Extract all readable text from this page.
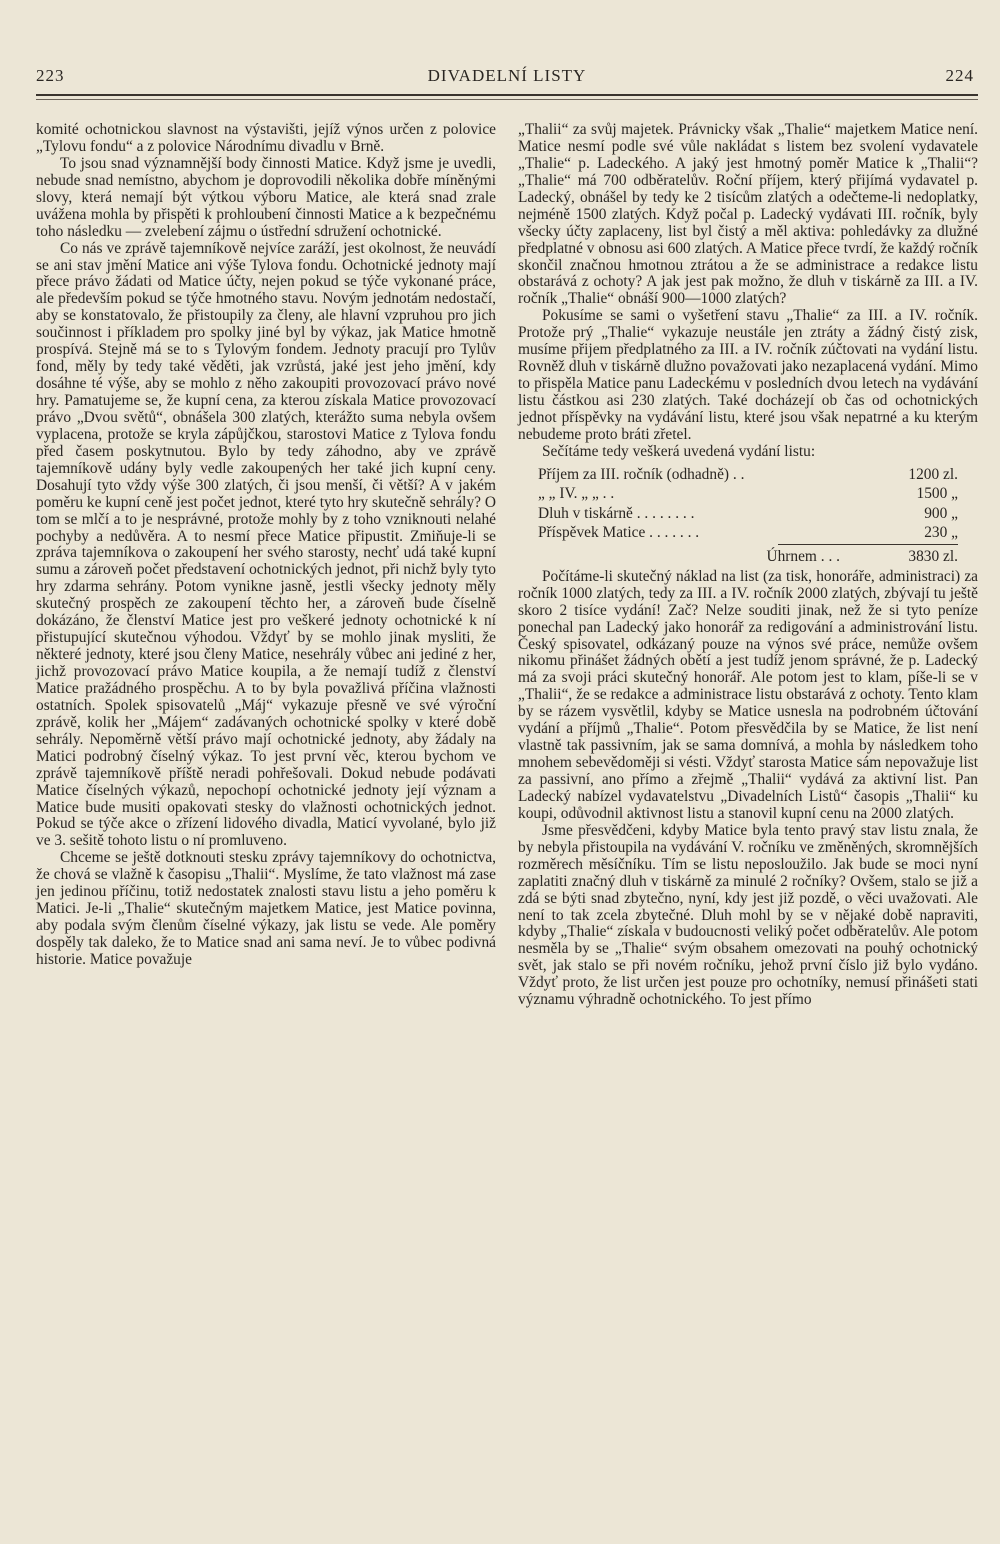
223	DIVADELNÍ LISTY	224

komité ochotnickou slavnost na výstavišti, jejíž výnos určen z polovice „Tylovu fondu“ a z polovice Národnímu divadlu v Brně.

To jsou snad významnější body činnosti Matice. Když jsme je uvedli, nebude snad nemístno, abychom je doprovodili několika dobře míněnými slovy, která nemají být výtkou výboru Matice, ale která snad zrale uvážena mohla by přispěti k prohloubení činnosti Matice a k bezpečnému toho následku — zvelebení zájmu o ústřední sdružení ochotnické.

Co nás ve zprávě tajemníkově nejvíce zaráží, jest okolnost, že neuvádí se ani stav jmění Matice ani výše Tylova fondu. Ochotnické jednoty mají přece právo žádati od Matice účty, nejen pokud se týče vykonané práce, ale především pokud se týče hmotného stavu. Novým jednotám nedostačí, aby se konstatovalo, že přistoupily za členy, ale hlavní vzpruhou pro jich součinnost i příkladem pro spolky jiné byl by výkaz, jak Matice hmotně prospívá. Stejně má se to s Tylovým fondem. Jednoty pracují pro Tylův fond, měly by tedy také věděti, jak vzrůstá, jaké jest jeho jmění, kdy dosáhne té výše, aby se mohlo z něho zakoupiti provozovací právo nové hry. Pamatujeme se, že kupní cena, za kterou získala Matice provozovací právo „Dvou světů“, obnášela 300 zlatých, kterážto suma nebyla ovšem vyplacena, protože se kryla zápůjčkou, starostovi Matice z Tylova fondu před časem poskytnutou. Bylo by tedy záhodno, aby ve zprávě tajemníkově udány byly vedle zakoupených her také jich kupní ceny. Dosahují tyto vždy výše 300 zlatých, či jsou menší, či větší? A v jakém poměru ke kupní ceně jest počet jednot, které tyto hry skutečně sehrály? O tom se mlčí a to je nesprávné, protože mohly by z toho vzniknouti nelahé pochyby a nedůvěra. A to nesmí přece Matice připustit. Zmiňuje-li se zpráva tajemníkova o zakoupení her svého starosty, nechť udá také kupní sumu a zároveň počet představení ochotnických jednot, při nichž byly tyto hry zdarma sehrány. Potom vynikne jasně, jestli všecky jednoty měly skutečný prospěch ze zakoupení těchto her, a zároveň bude číselně dokázáno, že členství Matice jest pro veškeré jednoty ochotnické k ní přistupující skutečnou výhodou. Vždyť by se mohlo jinak mysliti, že některé jednoty, které jsou členy Matice, nesehrály vůbec ani jediné z her, jichž provozovací právo Matice koupila, a že nemají tudíž z členství Matice pražádného prospěchu. A to by byla považlivá příčina vlažnosti ostatních. Spolek spisovatelů „Máj“ vykazuje přesně ve své výroční zprávě, kolik her „Májem“ zadávaných ochotnické spolky v které době sehrály. Nepoměrně větší právo mají ochotnické jednoty, aby žádaly na Matici podrobný číselný výkaz. To jest první věc, kterou bychom ve zprávě tajemníkově příště neradi pohřešovali. Dokud nebude podávati Matice číselných výkazů, nepochopí ochotnické jednoty její význam a Matice bude musiti opakovati stesky do vlažnosti ochotnických jednot. Pokud se týče akce o zřízení lidového divadla, Maticí vyvolané, bylo již ve 3. sešitě tohoto listu o ní promluveno.

Chceme se ještě dotknouti stesku zprávy tajemníkovy do ochotnictva, že chová se vlažně k časopisu „Thalii“. Myslíme, že tato vlažnost má zase jen jedinou příčinu, totiž nedostatek znalosti stavu listu a jeho poměru k Matici. Je-li „Thalie“ skutečným majetkem Matice, jest Matice povinna, aby podala svým členům číselné výkazy, jak listu se vede. Ale poměry dospěly tak daleko, že to Matice snad ani sama neví. Je to vůbec podivná historie. Matice považuje

„Thalii“ za svůj majetek. Právnicky však „Thalie“ majetkem Matice není. Matice nesmí podle své vůle nakládat s listem bez svolení vydavatele „Thalie“ p. Ladeckého. A jaký jest hmotný poměr Matice k „Thalii“? „Thalie“ má 700 odběratelův. Roční příjem, který přijímá vydavatel p. Ladecký, obnášel by tedy ke 2 tisícům zlatých a odečteme-li nedoplatky, nejméně 1500 zlatých. Když počal p. Ladecký vydávati III. ročník, byly všecky účty zaplaceny, list byl čistý a měl aktiva: pohledávky za dlužné předplatné v obnosu asi 600 zlatých. A Matice přece tvrdí, že každý ročník skončil značnou hmotnou ztrátou a že se administrace a redakce listu obstarává z ochoty? A jak jest pak možno, že dluh v tiskárně za III. a IV. ročník „Thalie“ obnáší 900—1000 zlatých?

Pokusíme se sami o vyšetření stavu „Thalie“ za III. a IV. ročník. Protože prý „Thalie“ vykazuje neustále jen ztráty a žádný čistý zisk, musíme přijem předplatného za III. a IV. ročník zúčtovati na vydání listu. Rovněž dluh v tiskárně dlužno považovati jako nezaplacená vydání. Mimo to přispěla Matice panu Ladeckému v posledních dvou letech na vydávání listu částkou asi 230 zlatých. Také docházejí ob čas od ochotnických jednot příspěvky na vydávání listu, které jsou však nepatrné a ku kterým nebudeme proto bráti zřetel.

Sečítáme tedy veškerá uvedená vydání listu:

Příjem za III. ročník (odhadně) . .	1200 zl.
„ „ IV. „ „ . .	1500 „
Dluh v tiskárně . . . . . . . .	900 „
Příspěvek Matice . . . . . . .	230 „
Úhrnem . . .	3830 zl.

Počítáme-li skutečný náklad na list (za tisk, honoráře, administraci) za ročník 1000 zlatých, tedy za III. a IV. ročník 2000 zlatých, zbývají tu ještě skoro 2 tisíce vydání! Zač? Nelze souditi jinak, než že si tyto peníze ponechal pan Ladecký jako honorář za redigování a administrování listu. Český spisovatel, odkázaný pouze na výnos své práce, nemůže ovšem nikomu přinášet žádných obětí a jest tudíž jenom správné, že p. Ladecký má za svoji práci skutečný honorář. Ale potom jest to klam, píše-li se v „Thalii“, že se redakce a administrace listu obstarává z ochoty. Tento klam by se rázem vysvětlil, kdyby se Matice usnesla na podrobném účtování vydání a příjmů „Thalie“. Potom přesvědčila by se Matice, že list není vlastně tak passivním, jak se sama domnívá, a mohla by následkem toho mnohem sebevědoměji si vésti. Vždyť starosta Matice sám nepovažuje list za passivní, ano přímo a zřejmě „Thalii“ vydává za aktivní list. Pan Ladecký nabízel vydavatelstvu „Divadelních Listů“ časopis „Thalii“ ku koupi, odůvodnil aktivnost listu a stanovil kupní cenu na 2000 zlatých.

Jsme přesvědčeni, kdyby Matice byla tento pravý stav listu znala, že by nebyla přistoupila na vydávání V. ročníku ve změněných, skromnějších rozměrech měsíčníku. Tím se listu neposloužilo. Jak bude se moci nyní zaplatiti značný dluh v tiskárně za minulé 2 ročníky? Ovšem, stalo se již a zdá se býti snad zbytečno, nyní, kdy jest již pozdě, o věci uvažovati. Ale není to tak zcela zbytečné. Dluh mohl by se v nějaké době napraviti, kdyby „Thalie“ získala v budoucnosti veliký počet odběratelův. Ale potom nesměla by se „Thalie“ svým obsahem omezovati na pouhý ochotnický svět, jak stalo se při novém ročníku, jehož první číslo již bylo vydáno. Vždyť proto, že list určen jest pouze pro ochotníky, nemusí přinášeti stati významu výhradně ochotnického. To jest přímo
